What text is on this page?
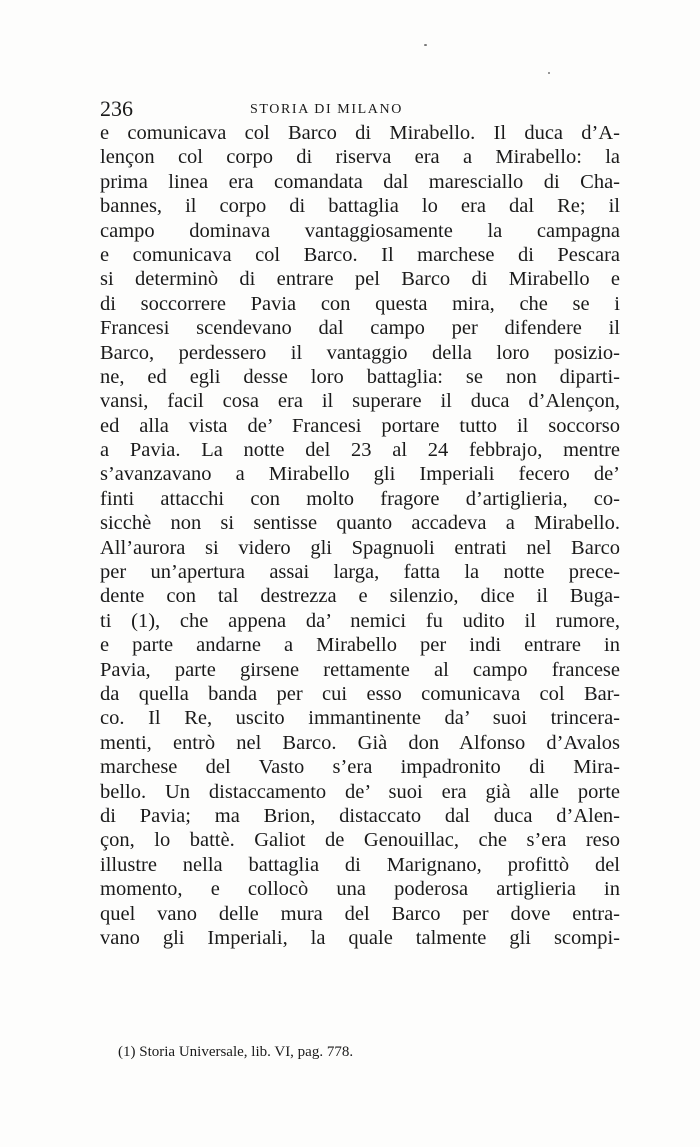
236	STORIA DI MILANO
e comunicava col Barco di Mirabello. Il duca d’A-
lençon col corpo di riserva era a Mirabello: la
prima linea era comandata dal maresciallo di Cha-
bannes, il corpo di battaglia lo era dal Re; il
campo dominava vantaggiosamente la campagna
e comunicava col Barco. Il marchese di Pescara
si determinò di entrare pel Barco di Mirabello e
di soccorrere Pavia con questa mira, che se i
Francesi scendevano dal campo per difendere il
Barco, perdessero il vantaggio della loro posizio-
ne, ed egli desse loro battaglia: se non diparti-
vansi, facil cosa era il superare il duca d’Alençon,
ed alla vista de’ Francesi portare tutto il soccorso
a Pavia. La notte del 23 al 24 febbrajo, mentre
s’avanzavano a Mirabello gli Imperiali fecero de’
finti attacchi con molto fragore d’artiglieria, co-
sicchè non si sentisse quanto accadeva a Mirabello.
All’aurora si videro gli Spagnuoli entrati nel Barco
per un’apertura assai larga, fatta la notte prece-
dente con tal destrezza e silenzio, dice il Buga-
ti (1), che appena da’ nemici fu udito il rumore,
e parte andarne a Mirabello per indi entrare in
Pavia, parte girsene rettamente al campo francese
da quella banda per cui esso comunicava col Bar-
co. Il Re, uscito immantinente da’ suoi trincera-
menti, entrò nel Barco. Già don Alfonso d’Avalos
marchese del Vasto s’era impadronito di Mira-
bello. Un distaccamento de’ suoi era già alle porte
di Pavia; ma Brion, distaccato dal duca d’Alen-
çon, lo battè. Galiot de Genouillac, che s’era reso
illustre nella battaglia di Marignano, profittò del
momento, e collocò una poderosa artiglieria in
quel vano delle mura del Barco per dove entra-
vano gli Imperiali, la quale talmente gli scompi-
(1) Storia Universale, lib. VI, pag. 778.
